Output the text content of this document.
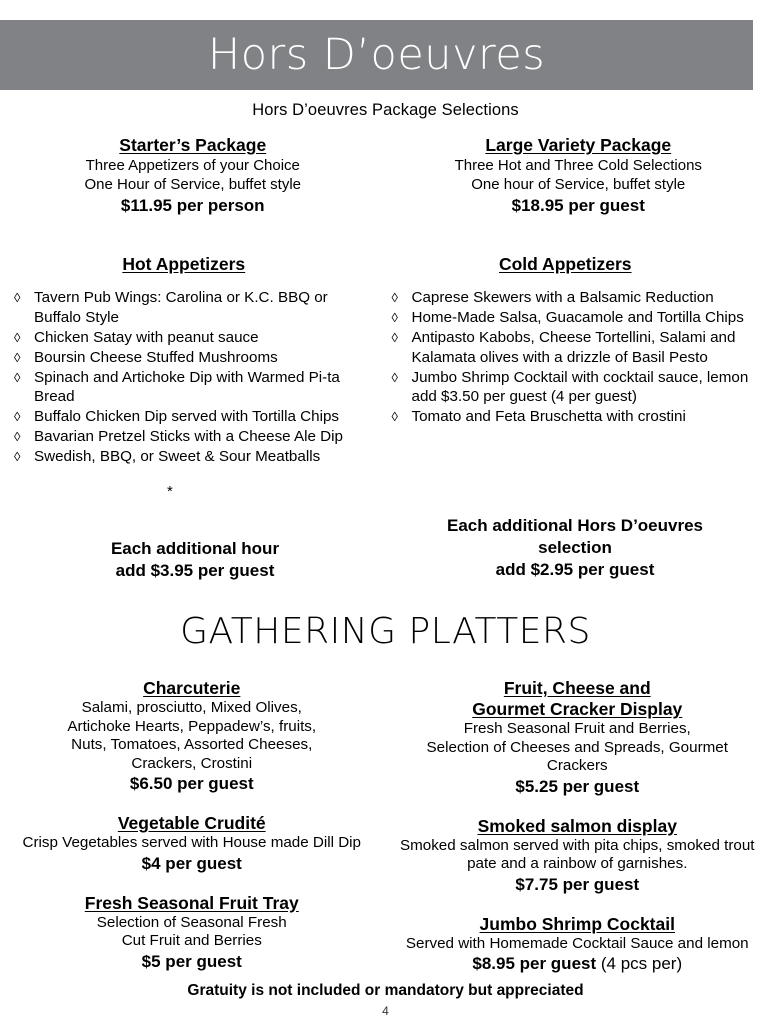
Hors D’oeuvres
Hors D’oeuvres Package Selections
Starter’s Package
Three Appetizers of your Choice
One Hour of Service, buffet style
$11.95 per person
Large Variety Package
Three Hot and Three Cold Selections
One hour of Service, buffet style
$18.95 per guest
Hot Appetizers
◊ Tavern Pub Wings: Carolina or K.C. BBQ or Buffalo Style
◊ Chicken Satay with peanut sauce
◊ Boursin Cheese Stuffed Mushrooms
◊ Spinach and Artichoke Dip with Warmed Pi-ta Bread
◊ Buffalo Chicken Dip served with Tortilla Chips
◊ Bavarian Pretzel Sticks with a Cheese Ale Dip
◊ Swedish, BBQ, or Sweet & Sour Meatballs
Cold Appetizers
◊ Caprese Skewers with a Balsamic Reduction
◊ Home-Made Salsa, Guacamole and Tortilla Chips
◊ Antipasto Kabobs, Cheese Tortellini, Salami and Kalamata olives with a drizzle of Basil Pesto
◊ Jumbo Shrimp Cocktail with cocktail sauce, lemon add $3.50 per guest (4 per guest)
◊ Tomato and Feta Bruschetta with crostini
*
Each additional hour
add $3.95 per guest
Each additional Hors D’oeuvres
selection
add $2.95 per guest
GATHERING PLATTERS
Charcuterie
Salami, prosciutto, Mixed Olives,
Artichoke Hearts, Peppadew’s, fruits,
Nuts, Tomatoes, Assorted Cheeses,
Crackers, Crostini
$6.50 per guest
Vegetable Crudité
Crisp Vegetables served with House made Dill Dip
$4 per guest
Fresh Seasonal Fruit Tray
Selection of Seasonal Fresh
Cut Fruit and Berries
$5 per guest
Fruit, Cheese and
Gourmet Cracker Display
Fresh Seasonal Fruit and Berries,
Selection of Cheeses and Spreads, Gourmet Crackers
$5.25 per guest
Smoked salmon display
Smoked salmon served with pita chips, smoked trout
pate and a rainbow of garnishes.
$7.75 per guest
Jumbo Shrimp Cocktail
Served with Homemade Cocktail Sauce and lemon
$8.95 per guest (4 pcs per)
Gratuity is not included or mandatory but appreciated
4
